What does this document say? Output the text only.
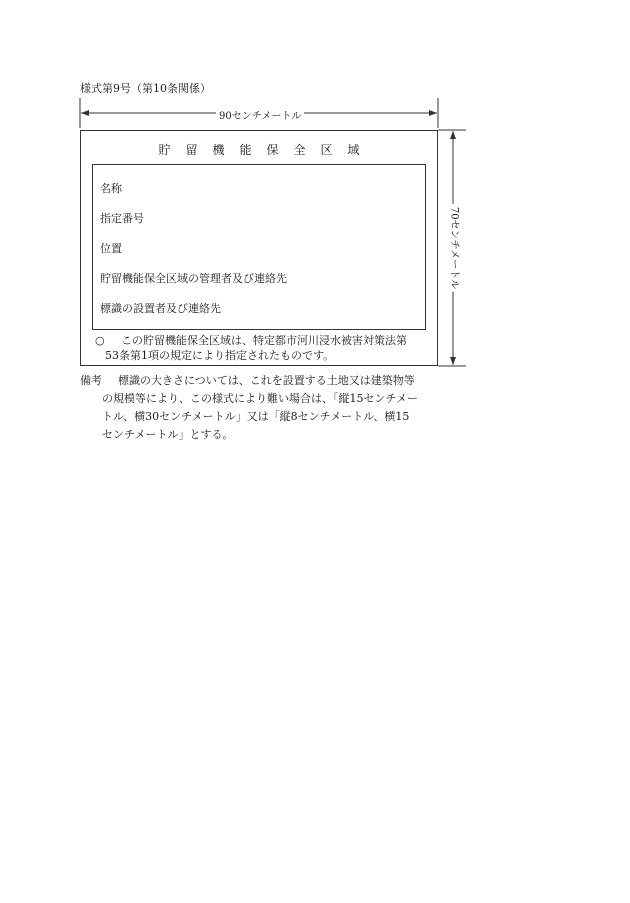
様式第9号（第10条関係）
90センチメートル
70センチメートル
貯留機能保全区域
名称
指定番号
位置
貯留機能保全区域の管理者及び連絡先
標識の設置者及び連絡先
○	この貯留機能保全区域は、特定都市河川浸水被害対策法第
53条第1項の規定により指定されたものです。
備考	標識の大きさについては、これを設置する土地又は建築物等
の規模等により、この様式により難い場合は、「縦15センチメー
トル、横30センチメートル」又は「縦8センチメートル、横15
センチメートル」とする。
